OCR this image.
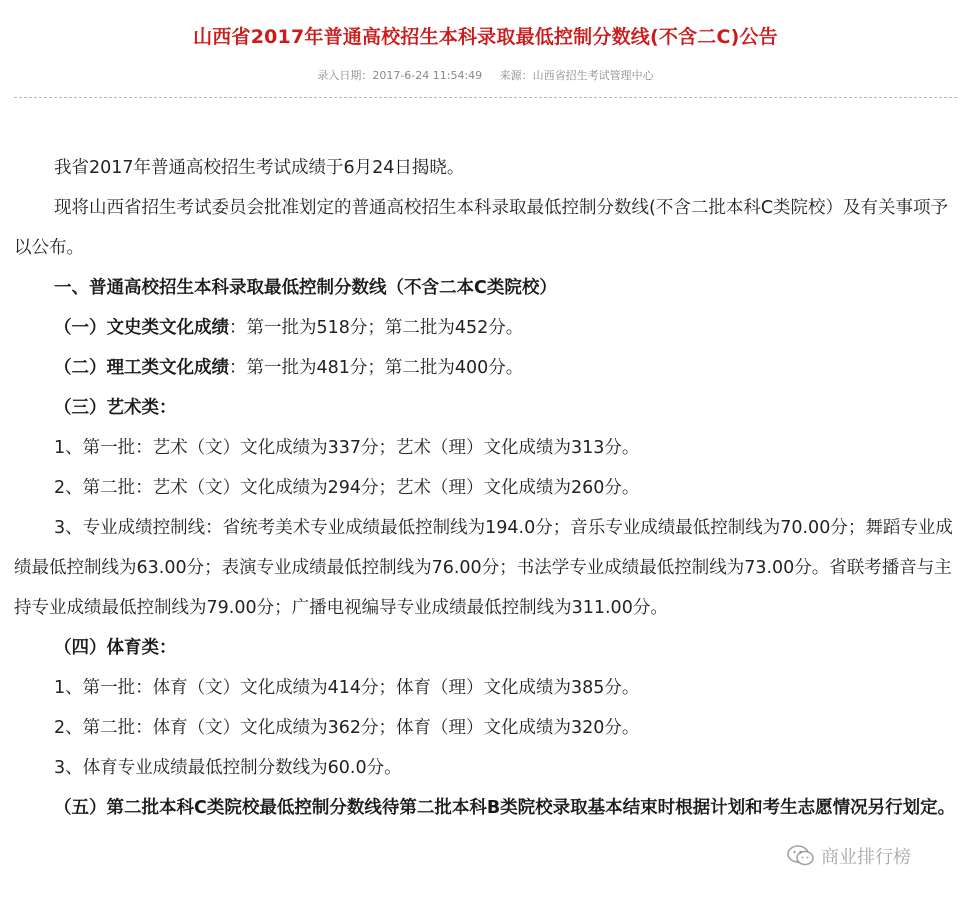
山西省2017年普通高校招生本科录取最低控制分数线(不含二C)公告
录入日期：2017-6-24 11:54:49 来源：山西省招生考试管理中心

我省2017年普通高校招生考试成绩于6月24日揭晓。

现将山西省招生考试委员会批准划定的普通高校招生本科录取最低控制分数线(不含二批本科C类院校）及有关事项予以公布。

一、普通高校招生本科录取最低控制分数线（不含二本C类院校）

（一）文史类文化成绩：第一批为518分；第二批为452分。

（二）理工类文化成绩：第一批为481分；第二批为400分。

（三）艺术类：

1、第一批：艺术（文）文化成绩为337分；艺术（理）文化成绩为313分。

2、第二批：艺术（文）文化成绩为294分；艺术（理）文化成绩为260分。

3、专业成绩控制线：省统考美术专业成绩最低控制线为194.0分；音乐专业成绩最低控制线为70.00分；舞蹈专业成绩最低控制线为63.00分；表演专业成绩最低控制线为76.00分；书法学专业成绩最低控制线为73.00分。省联考播音与主持专业成绩最低控制线为79.00分；广播电视编导专业成绩最低控制线为311.00分。

（四）体育类：

1、第一批：体育（文）文化成绩为414分；体育（理）文化成绩为385分。

2、第二批：体育（文）文化成绩为362分；体育（理）文化成绩为320分。

3、体育专业成绩最低控制分数线为60.0分。

（五）第二批本科C类院校最低控制分数线待第二批本科B类院校录取基本结束时根据计划和考生志愿情况另行划定。

商业排行榜
